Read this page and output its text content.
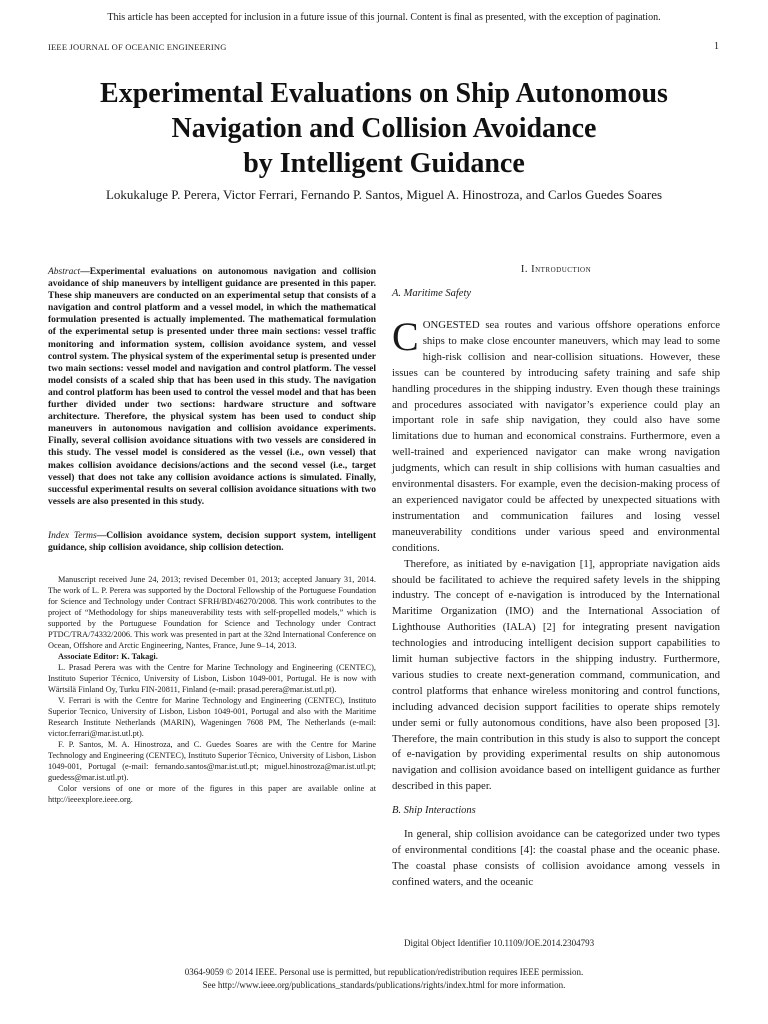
This article has been accepted for inclusion in a future issue of this journal. Content is final as presented, with the exception of pagination.
IEEE JOURNAL OF OCEANIC ENGINEERING	1
Experimental Evaluations on Ship Autonomous
Navigation and Collision Avoidance
by Intelligent Guidance
Lokukaluge P. Perera, Victor Ferrari, Fernando P. Santos, Miguel A. Hinostroza, and Carlos Guedes Soares
Abstract—Experimental evaluations on autonomous navigation and collision avoidance of ship maneuvers by intelligent guidance are presented in this paper. These ship maneuvers are conducted on an experimental setup that consists of a navigation and control platform and a vessel model, in which the mathematical formulation presented is actually implemented. The mathematical formulation of the experimental setup is presented under three main sections: vessel traffic monitoring and information system, collision avoidance system, and vessel control system. The physical system of the experimental setup is presented under two main sections: vessel model and navigation and control platform. The vessel model consists of a scaled ship that has been used in this study. The navigation and control platform has been used to control the vessel model and that has been further divided under two sections: hardware structure and software architecture. Therefore, the physical system has been used to conduct ship maneuvers in autonomous navigation and collision avoidance experiments. Finally, several collision avoidance situations with two vessels are considered in this study. The vessel model is considered as the vessel (i.e., own vessel) that makes collision avoidance decisions/actions and the second vessel (i.e., target vessel) that does not take any collision avoidance actions is simulated. Finally, successful experimental results on several collision avoidance situations with two vessels are also presented in this study.
Index Terms—Collision avoidance system, decision support system, intelligent guidance, ship collision avoidance, ship collision detection.

Manuscript received June 24, 2013; revised December 01, 2013; accepted January 31, 2014. The work of L. P. Perera was supported by the Doctoral Fellowship of the Portuguese Foundation for Science and Technology under Contract SFRH/BD/46270/2008. This work contributes to the project of “Methodology for ships maneuverability tests with self-propelled models,” which is supported by the Portuguese Foundation for Science and Technology under Contract PTDC/TRA/74332/2006. This work was presented in part at the 32nd International Conference on Ocean, Offshore and Arctic Engineering, Nantes, France, June 9–14, 2013.

Associate Editor: K. Takagi.

L. Prasad Perera was with the Centre for Marine Technology and Engineering (CENTEC), Instituto Superior Técnico, University of Lisbon, Lisbon 1049-001, Portugal. He is now with Wärtsilä Finland Oy, Turku FIN-20811, Finland (e-mail: prasad.perera@mar.ist.utl.pt).

V. Ferrari is with the Centre for Marine Technology and Engineering (CENTEC), Instituto Superior Tecnico, University of Lisbon, Lisbon 1049-001, Portugal and also with the Maritime Research Institute Netherlands (MARIN), Wageningen 7608 PM, The Netherlands (e-mail: victor.ferrari@mar.ist.utl.pt).

F. P. Santos, M. A. Hinostroza, and C. Guedes Soares are with the Centre for Marine Technology and Engineering (CENTEC), Instituto Superior Técnico, University of Lisbon, Lisbon 1049-001, Portugal (e-mail: fernando.santos@mar.ist.utl.pt; miguel.hinostroza@mar.ist.utl.pt; guedess@mar.ist.utl.pt).

Color versions of one or more of the figures in this paper are available online at http://ieeexplore.ieee.org.

I. Introduction
A. Maritime Safety

CONGESTED sea routes and various offshore operations enforce ships to make close encounter maneuvers, which may lead to some high-risk collision and near-collision situations. However, these issues can be countered by introducing safety training and safe ship handling procedures in the shipping industry. Even though these trainings and procedures associated with navigator’s experience could play an important role in safe ship navigation, they could also have some limitations due to human and economical constrains. Furthermore, even a well-trained and experienced navigator can make wrong navigation judgments, which can result in ship collisions with human casualties and environmental disasters. For example, even the decision-making process of an experienced navigator could be affected by unexpected situations with instrumentation and communication failures and losing vessel maneuverability conditions under various speed and environmental conditions.

Therefore, as initiated by e-navigation [1], appropriate navigation aids should be facilitated to achieve the required safety levels in the shipping industry. The concept of e-navigation is introduced by the International Maritime Organization (IMO) and the International Association of Lighthouse Authorities (IALA) [2] for integrating present navigation technologies and introducing intelligent decision support capabilities to limit human subjective factors in the shipping industry. Furthermore, various studies to create next-generation command, communication, and control platforms that enhance wireless monitoring and control functions, including advanced decision support facilities to operate ships remotely under semi or fully autonomous conditions, have also been proposed [3]. Therefore, the main contribution in this study is also to support the concept of e-navigation by providing experimental results on ship autonomous navigation and collision avoidance based on intelligent guidance as further described in this paper.

B. Ship Interactions

In general, ship collision avoidance can be categorized under two types of environmental conditions [4]: the coastal phase and the oceanic phase. The coastal phase consists of collision avoidance among vessels in confined waters, and the oceanic

Digital Object Identifier 10.1109/JOE.2014.2304793
0364-9059 © 2014 IEEE. Personal use is permitted, but republication/redistribution requires IEEE permission.
See http://www.ieee.org/publications_standards/publications/rights/index.html for more information.
